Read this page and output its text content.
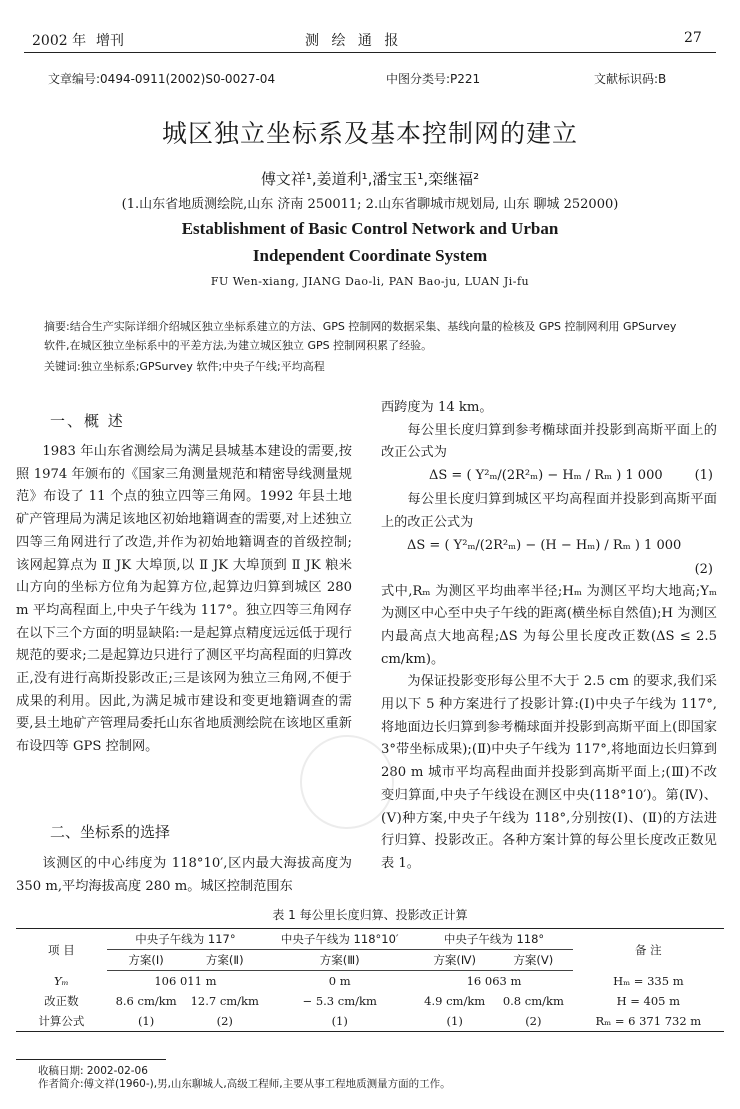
2002 年 增刊	测 绘 通 报	27
文章编号:0494-0911(2002)S0-0027-04	中图分类号:P221	文献标识码:B
城区独立坐标系及基本控制网的建立
傅文祥¹,姜道利¹,潘宝玉¹,栾继福²
(1.山东省地质测绘院,山东 济南 250011; 2.山东省聊城市规划局, 山东 聊城 252000)
Establishment of Basic Control Network and Urban
Independent Coordinate System
FU Wen-xiang, JIANG Dao-li, PAN Bao-ju, LUAN Ji-fu
摘要:结合生产实际详细介绍城区独立坐标系建立的方法、GPS 控制网的数据采集、基线向量的检核及 GPS 控制网利用 GPSurvey
软件,在城区独立坐标系中的平差方法,为建立城区独立 GPS 控制网积累了经验。
关键词:独立坐标系;GPSurvey 软件;中央子午线;平均高程
一、概 述

1983 年山东省测绘局为满足县城基本建设的需要,按照 1974 年颁布的《国家三角测量规范和精密导线测量规范》布设了 11 个点的独立四等三角网。1992 年县土地矿产管理局为满足该地区初始地籍调查的需要,对上述独立四等三角网进行了改造,并作为初始地籍调查的首级控制;该网起算点为 Ⅱ JK 大埠顶,以 Ⅱ JK 大埠顶到 Ⅱ JK 粮米山方向的坐标方位角为起算方位,起算边归算到城区 280 m 平均高程面上,中央子午线为 117°。独立四等三角网存在以下三个方面的明显缺陷:一是起算点精度远远低于现行规范的要求;二是起算边只进行了测区平均高程面的归算改正,没有进行高斯投影改正;三是该网为独立三角网,不便于成果的利用。因此,为满足城市建设和变更地籍调查的需要,县土地矿产管理局委托山东省地质测绘院在该地区重新布设四等 GPS 控制网。

二、坐标系的选择

该测区的中心纬度为 118°10′,区内最大海拔高度为 350 m,平均海拔高度 280 m。城区控制范围东

西跨度为 14 km。

每公里长度归算到参考椭球面并投影到高斯平面上的改正公式为

ΔS = ( Y²ₘ/(2R²ₘ) − Hₘ / Rₘ ) 1 000 (1)

每公里长度归算到城区平均高程面并投影到高斯平面上的改正公式为

ΔS = ( Y²ₘ/(2R²ₘ) − (H − Hₘ) / Rₘ ) 1 000
(2)

式中,Rₘ 为测区平均曲率半径;Hₘ 为测区平均大地高;Yₘ 为测区中心至中央子午线的距离(横坐标自然值);H 为测区内最高点大地高程;ΔS 为每公里长度改正数(ΔS ≤ 2.5 cm/km)。

为保证投影变形每公里不大于 2.5 cm 的要求,我们采用以下 5 种方案进行了投影计算:(Ⅰ)中央子午线为 117°,将地面边长归算到参考椭球面并投影到高斯平面上(即国家 3°带坐标成果);(Ⅱ)中央子午线为 117°,将地面边长归算到 280 m 城市平均高程曲面并投影到高斯平面上;(Ⅲ)不改变归算面,中央子午线设在测区中央(118°10′)。第(Ⅳ)、(Ⅴ)种方案,中央子午线为 118°,分别按(Ⅰ)、(Ⅱ)的方法进行归算、投影改正。各种方案计算的每公里长度改正数见表 1。

表 1 每公里长度归算、投影改正计算
项 目	中央子午线为 117°		中央子午线为 118°10′	中央子午线为 118°		备 注
	方案(Ⅰ)	方案(Ⅱ)	方案(Ⅲ)	方案(Ⅳ)	方案(Ⅴ)	
Yₘ	106 011 m		0 m	16 063 m		Hₘ = 335 m
改正数	8.6 cm/km	12.7 cm/km	− 5.3 cm/km	4.9 cm/km	0.8 cm/km	H = 405 m
计算公式	(1)	(2)	(1)	(1)	(2)	Rₘ = 6 371 732 m
收稿日期: 2002-02-06
作者简介:傅文祥(1960-),男,山东聊城人,高级工程师,主要从事工程地质测量方面的工作。
